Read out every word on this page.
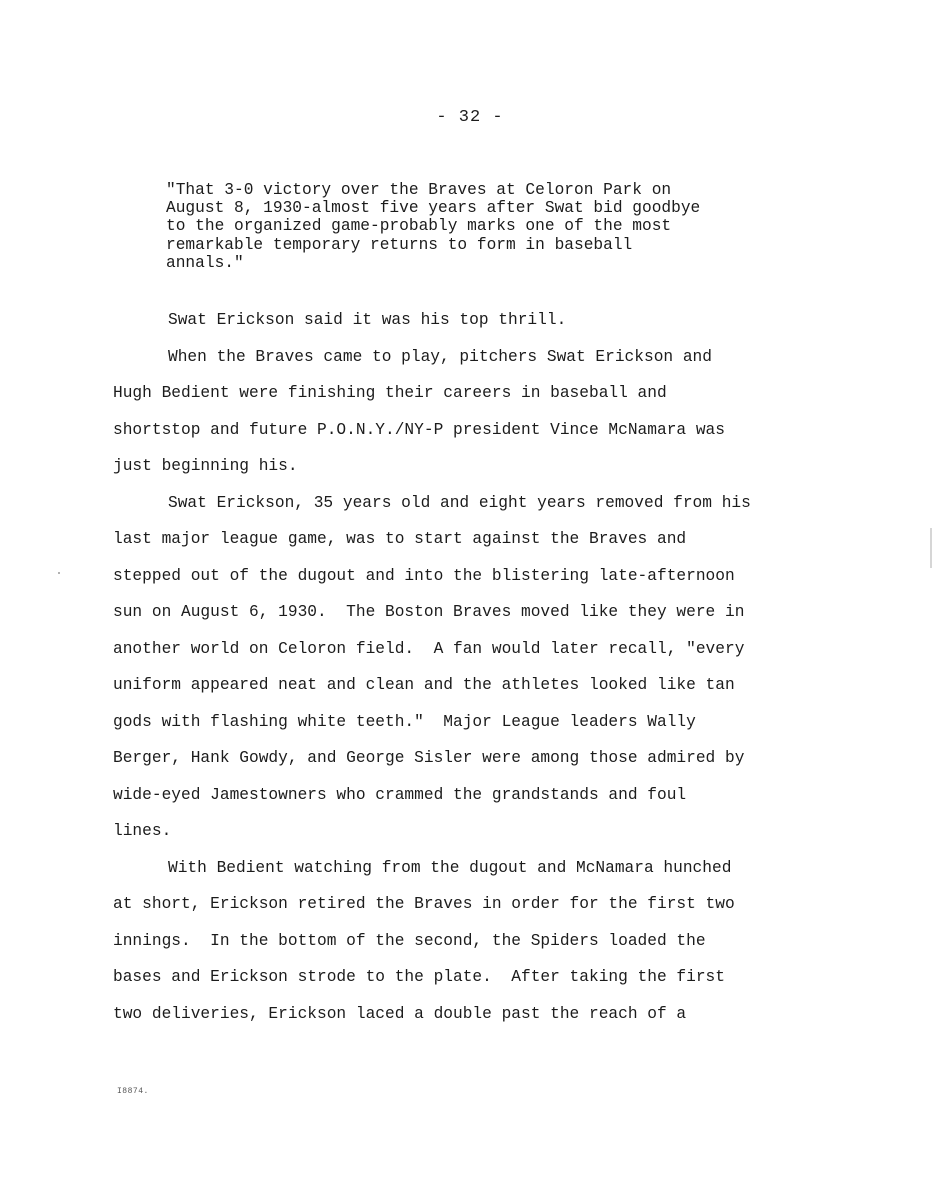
- 32 -
"That 3-0 victory over the Braves at Celoron Park on
August 8, 1930-almost five years after Swat bid goodbye
to the organized game-probably marks one of the most
remarkable temporary returns to form in baseball
annals."
Swat Erickson said it was his top thrill.
When the Braves came to play, pitchers Swat Erickson and
Hugh Bedient were finishing their careers in baseball and
shortstop and future P.O.N.Y./NY-P president Vince McNamara was
just beginning his.
Swat Erickson, 35 years old and eight years removed from his
last major league game, was to start against the Braves and
stepped out of the dugout and into the blistering late-afternoon
sun on August 6, 1930.  The Boston Braves moved like they were in
another world on Celoron field.  A fan would later recall, "every
uniform appeared neat and clean and the athletes looked like tan
gods with flashing white teeth."  Major League leaders Wally
Berger, Hank Gowdy, and George Sisler were among those admired by
wide-eyed Jamestowners who crammed the grandstands and foul
lines.
With Bedient watching from the dugout and McNamara hunched
at short, Erickson retired the Braves in order for the first two
innings.  In the bottom of the second, the Spiders loaded the
bases and Erickson strode to the plate.  After taking the first
two deliveries, Erickson laced a double past the reach of a
I8874.
